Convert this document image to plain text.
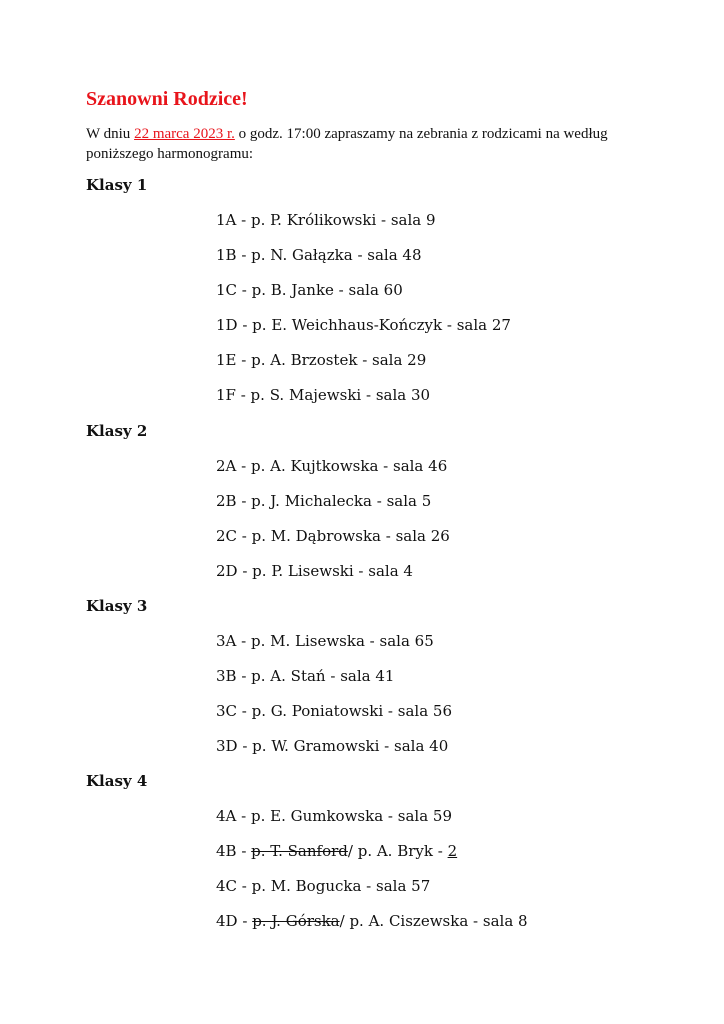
Szanowni Rodzice!

W dniu 22 marca 2023 r. o godz. 17:00 zapraszamy na zebrania z rodzicami na według poniższego harmonogramu:

Klasy 1
1A - p. P. Królikowski - sala 9
1B - p. N. Gałązka - sala 48
1C - p. B. Janke - sala 60
1D - p. E. Weichhaus-Kończyk - sala 27
1E - p. A. Brzostek - sala 29
1F - p. S. Majewski - sala 30
Klasy 2
2A - p. A. Kujtkowska - sala 46
2B - p. J. Michalecka - sala 5
2C - p. M. Dąbrowska - sala 26
2D - p. P. Lisewski - sala 4
Klasy 3
3A - p. M. Lisewska - sala 65
3B - p. A. Stań - sala 41
3C - p. G. Poniatowski - sala 56
3D - p. W. Gramowski - sala 40
Klasy 4
4A - p. E. Gumkowska - sala 59
4B - p. T. Sanford/ p. A. Bryk - 2
4C - p. M. Bogucka - sala 57
4D - p. J. Górska/ p. A. Ciszewska - sala 8
